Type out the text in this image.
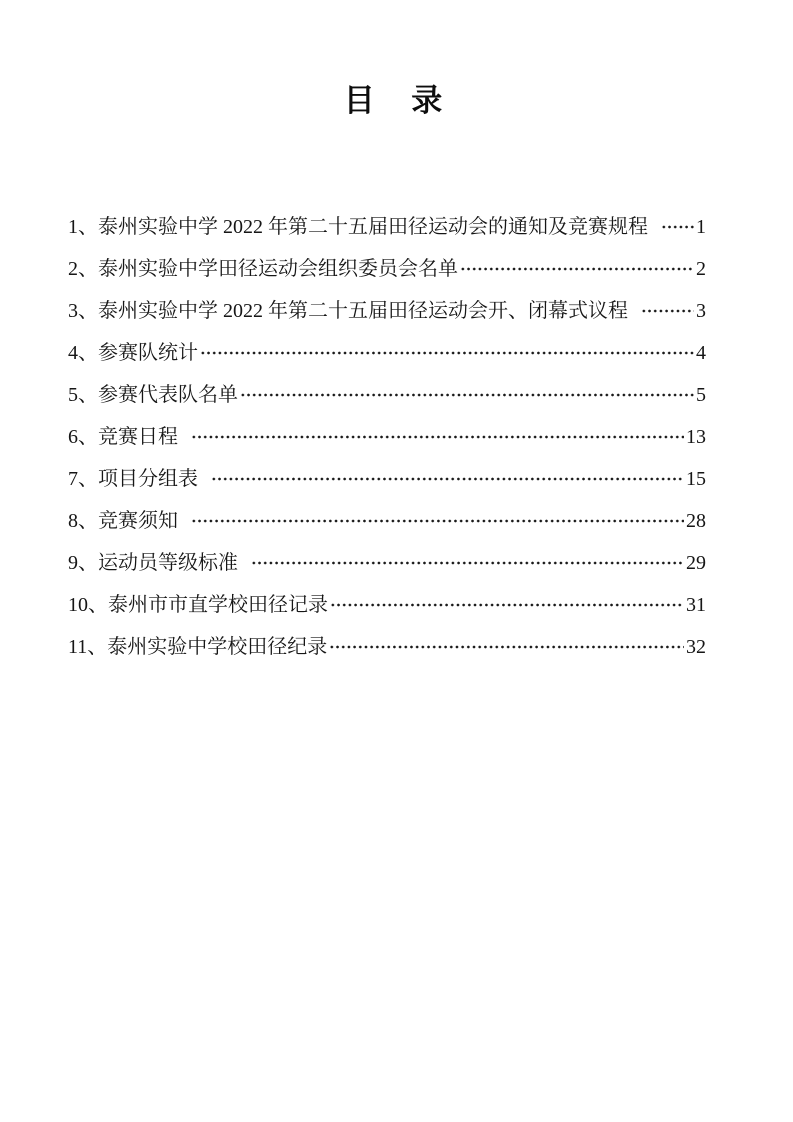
目  录
1、泰州实验中学 2022 年第二十五届田径运动会的通知及竞赛规程	1
2、泰州实验中学田径运动会组织委员会名单	2
3、泰州实验中学 2022 年第二十五届田径运动会开、闭幕式议程	3
4、参赛队统计	4
5、参赛代表队名单	5
6、竞赛日程	13
7、项目分组表	15
8、竞赛须知	28
9、运动员等级标准	29
10、泰州市市直学校田径记录	31
11、泰州实验中学校田径纪录	32
